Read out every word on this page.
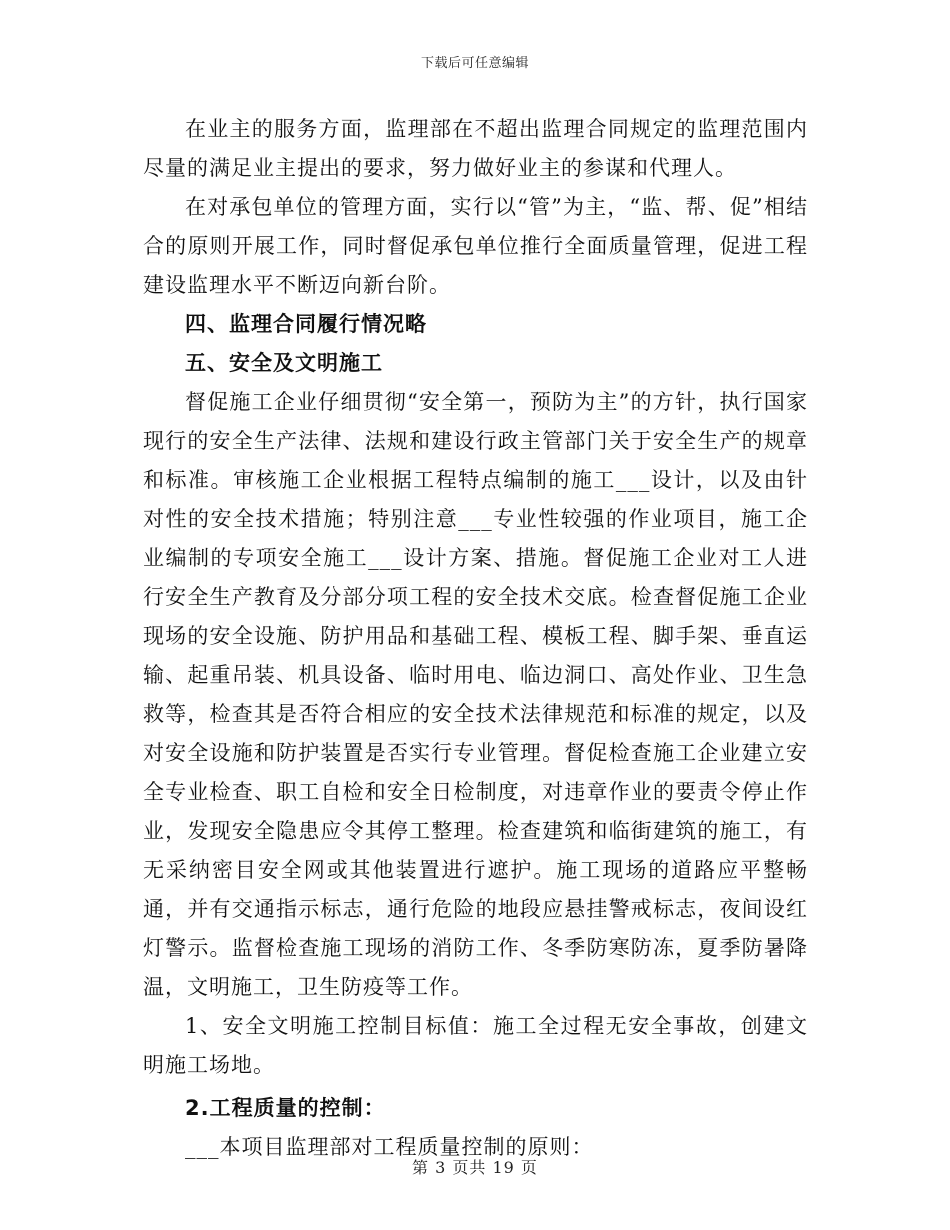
下载后可任意编辑

在业主的服务方面，监理部在不超出监理合同规定的监理范围内尽量的满足业主提出的要求，努力做好业主的参谋和代理人。

在对承包单位的管理方面，实行以“管”为主，“监、帮、促”相结合的原则开展工作，同时督促承包单位推行全面质量管理，促进工程建设监理水平不断迈向新台阶。

四、监理合同履行情况略

五、安全及文明施工

督促施工企业仔细贯彻“安全第一，预防为主”的方针，执行国家现行的安全生产法律、法规和建设行政主管部门关于安全生产的规章和标准。审核施工企业根据工程特点编制的施工___设计，以及由针对性的安全技术措施；特别注意___专业性较强的作业项目，施工企业编制的专项安全施工___设计方案、措施。督促施工企业对工人进行安全生产教育及分部分项工程的安全技术交底。检查督促施工企业现场的安全设施、防护用品和基础工程、模板工程、脚手架、垂直运输、起重吊装、机具设备、临时用电、临边洞口、高处作业、卫生急救等，检查其是否符合相应的安全技术法律规范和标准的规定，以及对安全设施和防护装置是否实行专业管理。督促检查施工企业建立安全专业检查、职工自检和安全日检制度，对违章作业的要责令停止作业，发现安全隐患应令其停工整理。检查建筑和临街建筑的施工，有无采纳密目安全网或其他装置进行遮护。施工现场的道路应平整畅通，并有交通指示标志，通行危险的地段应悬挂警戒标志，夜间设红灯警示。监督检查施工现场的消防工作、冬季防寒防冻，夏季防暑降温，文明施工，卫生防疫等工作。

1、安全文明施工控制目标值：施工全过程无安全事故，创建文明施工场地。

2.工程质量的控制：

___本项目监理部对工程质量控制的原则：

第 3 页共 19 页
